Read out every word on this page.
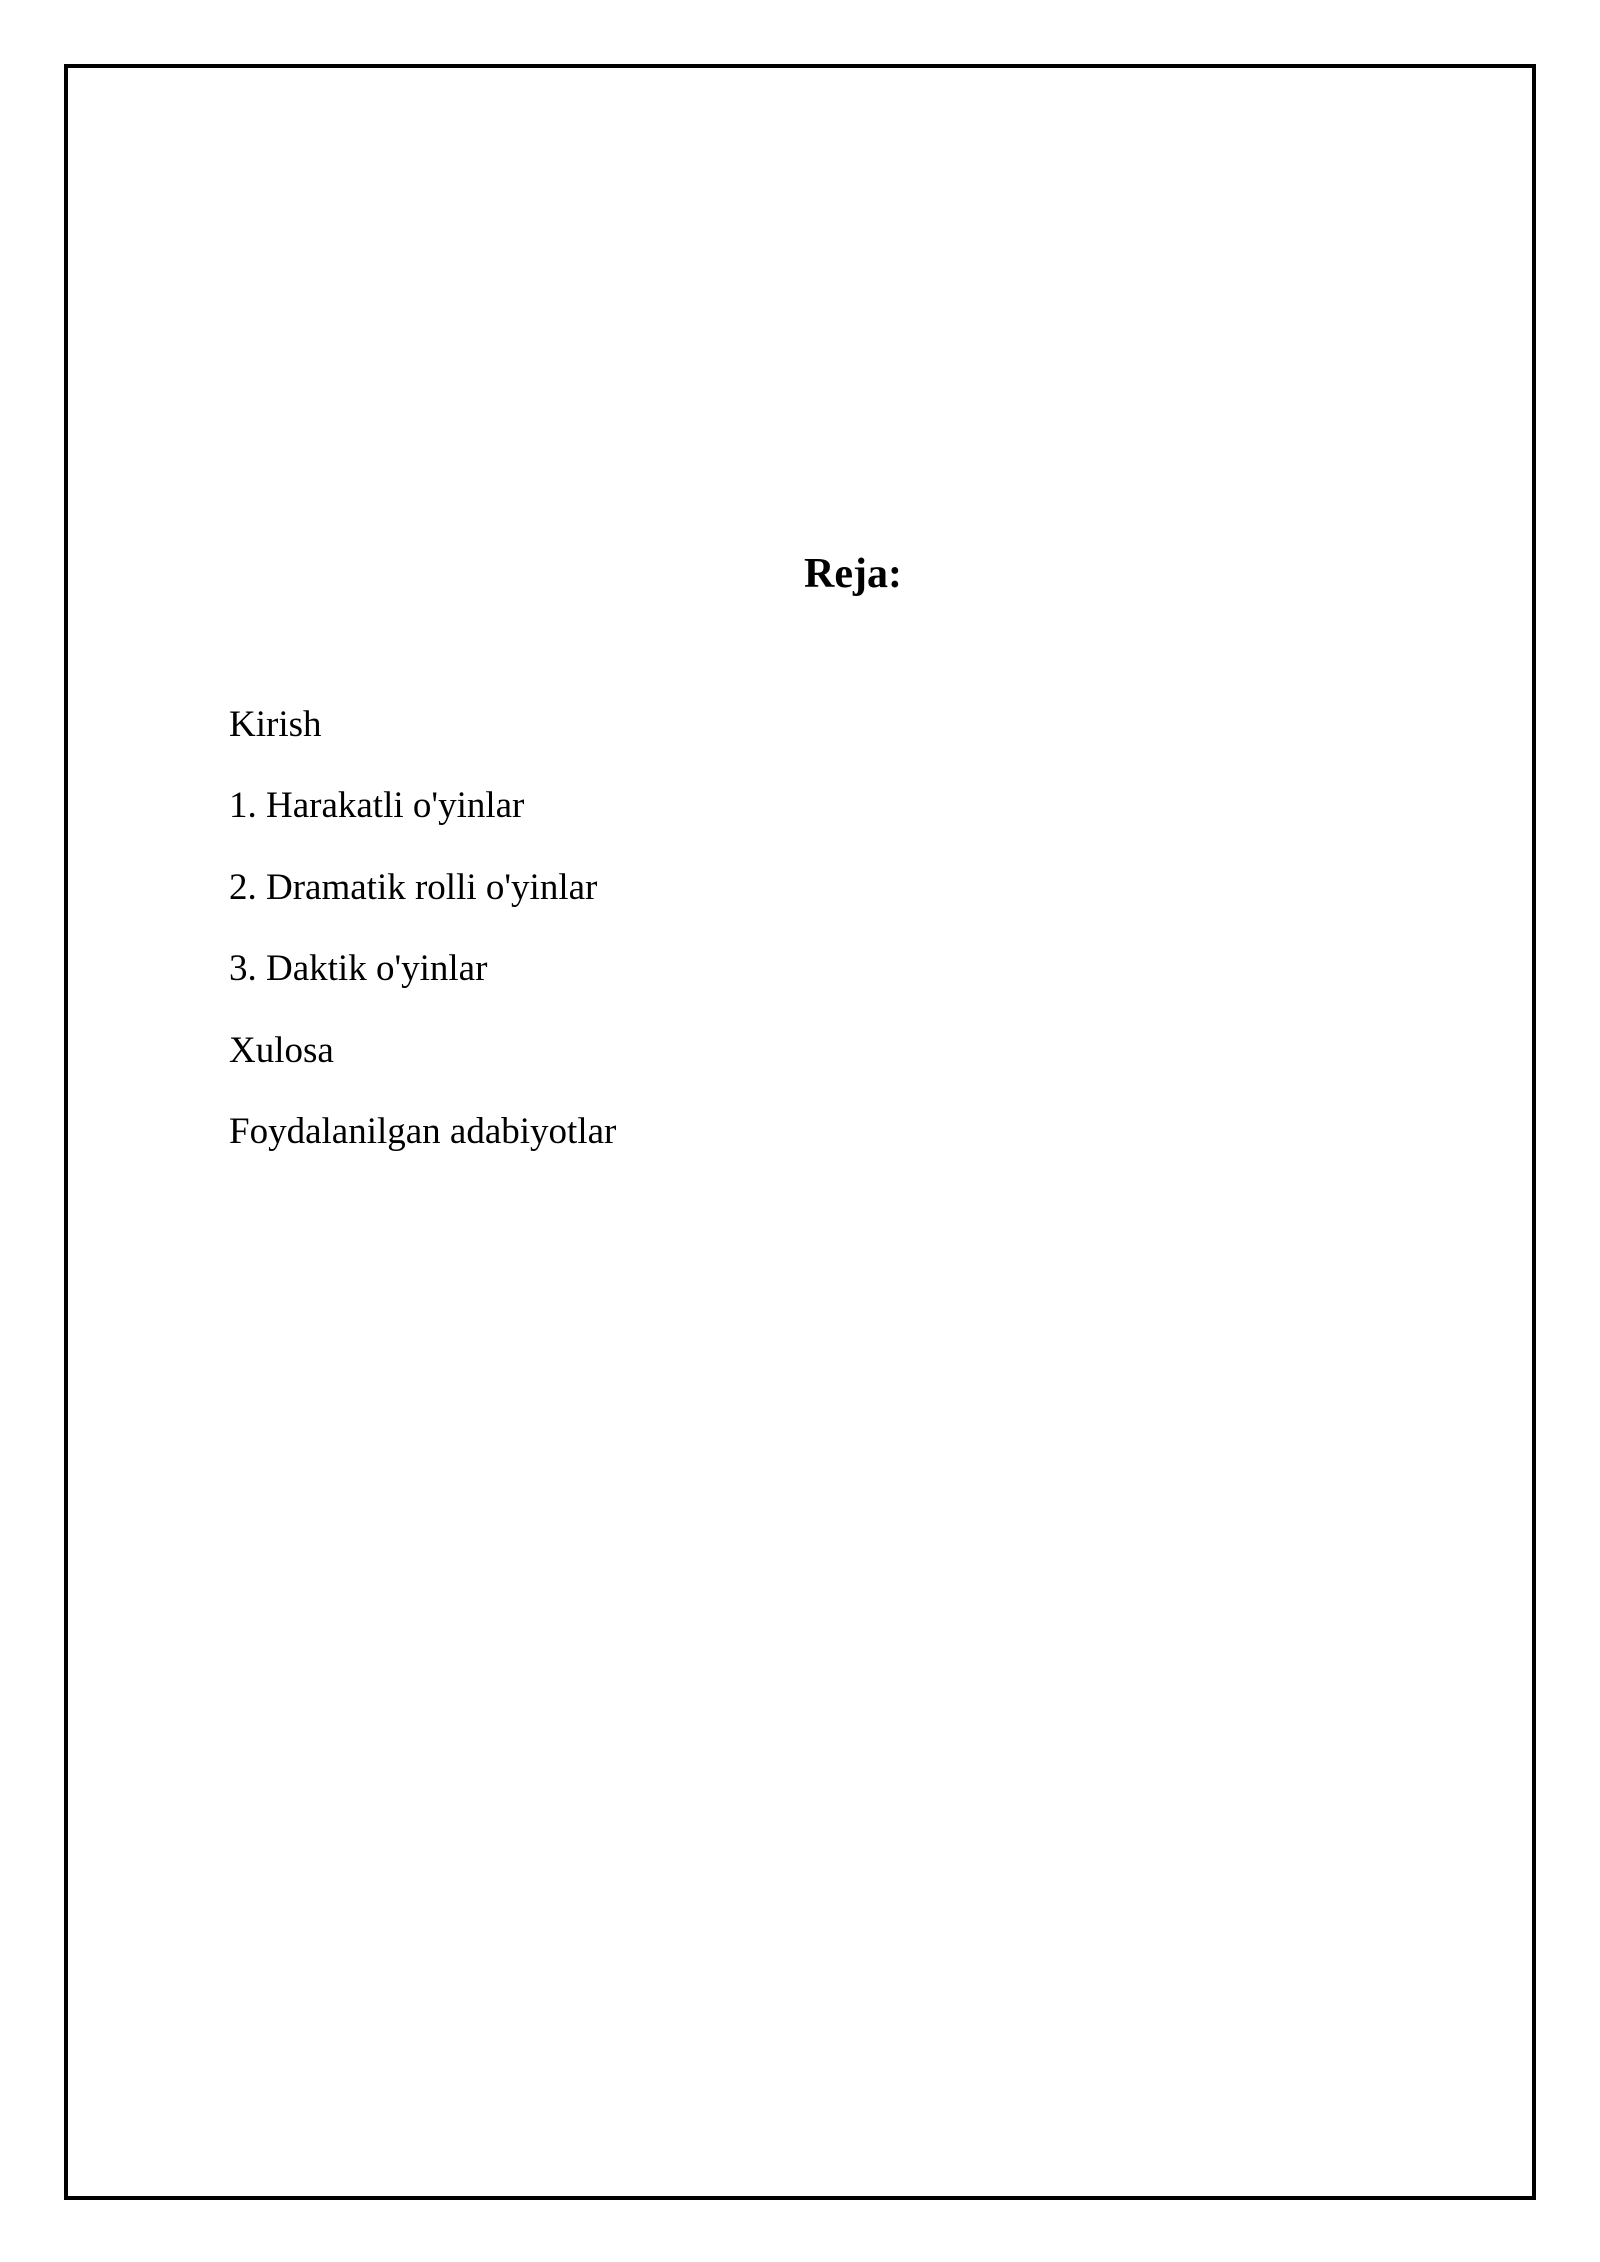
Reja:
Kirish
1. Harakatli o'yinlar
2. Dramatik rolli o'yinlar
3. Daktik o'yinlar
Xulosa
Foydalanilgan adabiyotlar
